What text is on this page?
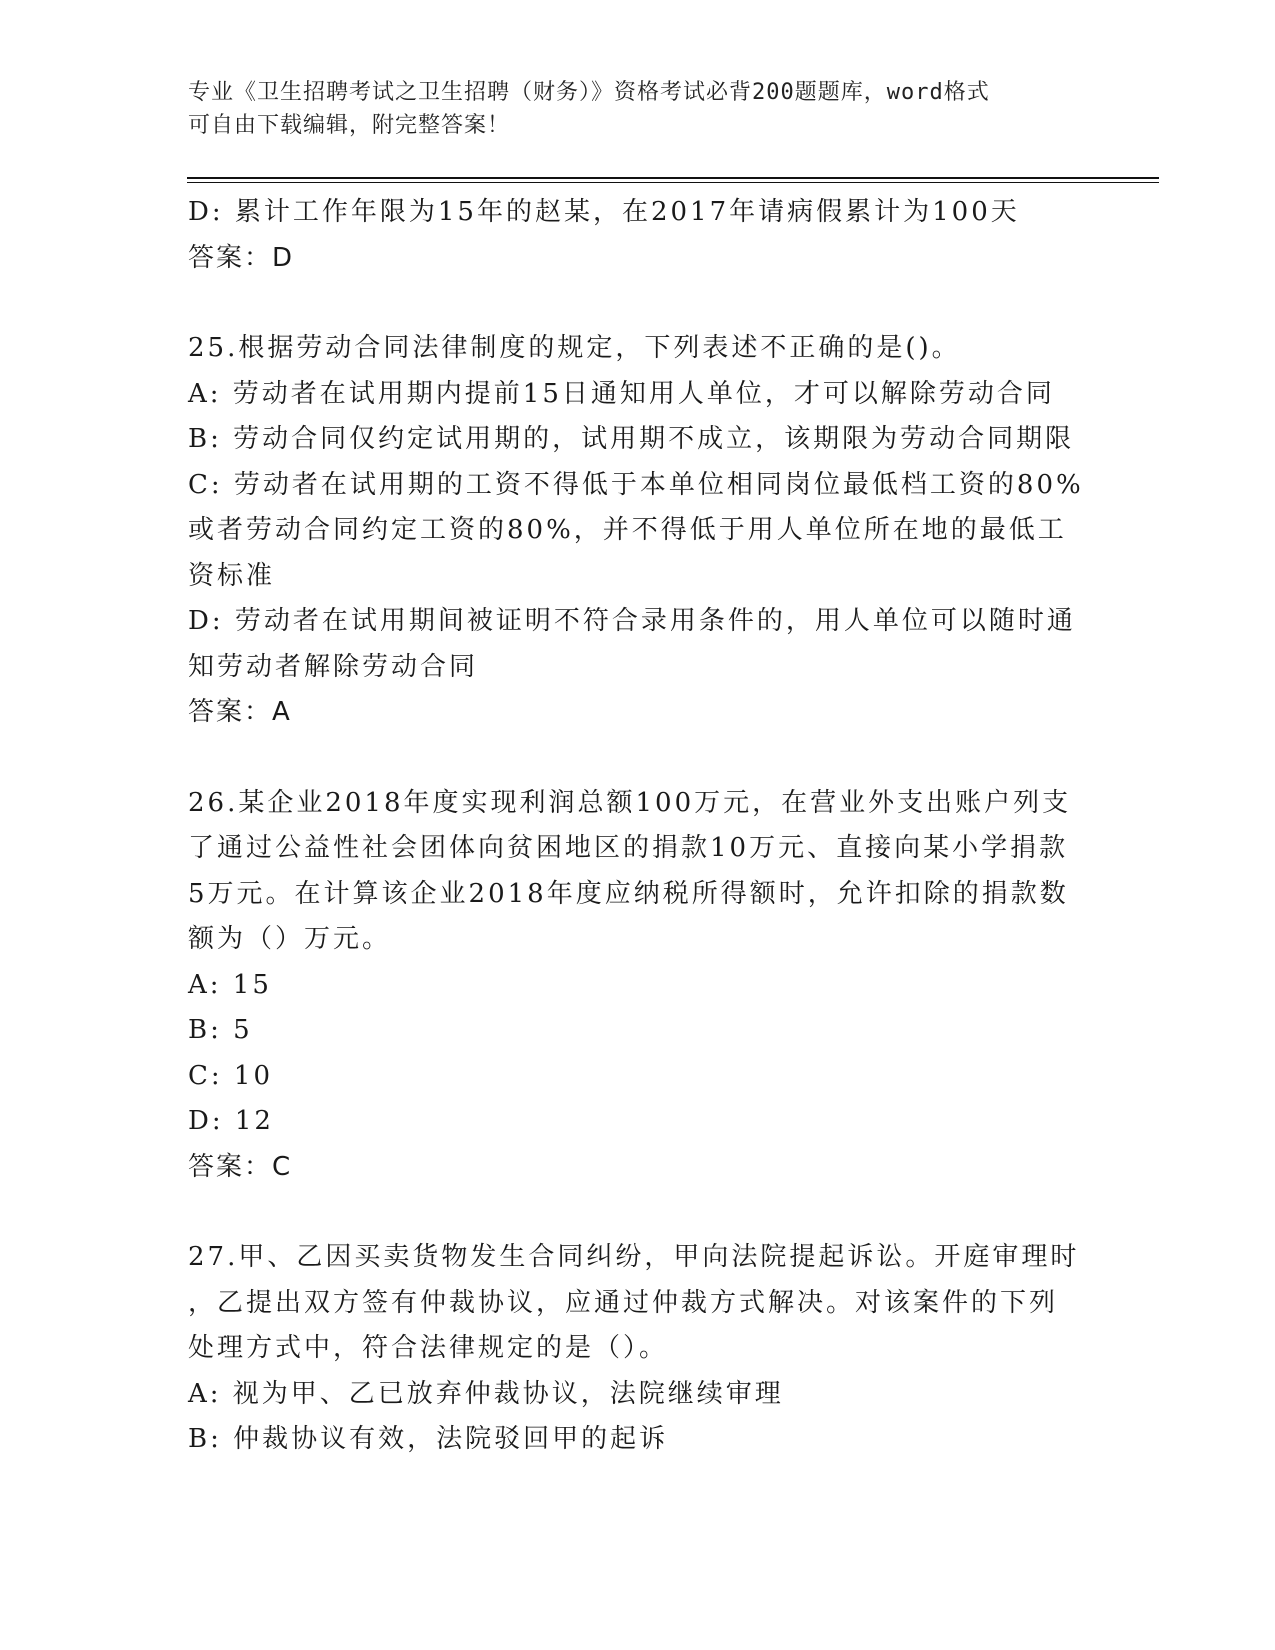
专业《卫生招聘考试之卫生招聘（财务）》资格考试必背200题题库，word格式
可自由下载编辑，附完整答案！
D: 累计工作年限为15年的赵某，在2017年请病假累计为100天
答案：D
25.根据劳动合同法律制度的规定，下列表述不正确的是()。
A: 劳动者在试用期内提前15日通知用人单位，才可以解除劳动合同
B: 劳动合同仅约定试用期的，试用期不成立，该期限为劳动合同期限
C: 劳动者在试用期的工资不得低于本单位相同岗位最低档工资的80%
或者劳动合同约定工资的80%，并不得低于用人单位所在地的最低工
资标准
D: 劳动者在试用期间被证明不符合录用条件的，用人单位可以随时通
知劳动者解除劳动合同
答案：A
26.某企业2018年度实现利润总额100万元，在营业外支出账户列支
了通过公益性社会团体向贫困地区的捐款10万元、直接向某小学捐款
5万元。在计算该企业2018年度应纳税所得额时，允许扣除的捐款数
额为（）万元。
A: 15
B: 5
C: 10
D: 12
答案：C
27.甲、乙因买卖货物发生合同纠纷，甲向法院提起诉讼。开庭审理时
，乙提出双方签有仲裁协议，应通过仲裁方式解决。对该案件的下列
处理方式中，符合法律规定的是（）。
A: 视为甲、乙已放弃仲裁协议，法院继续审理
B: 仲裁协议有效，法院驳回甲的起诉
